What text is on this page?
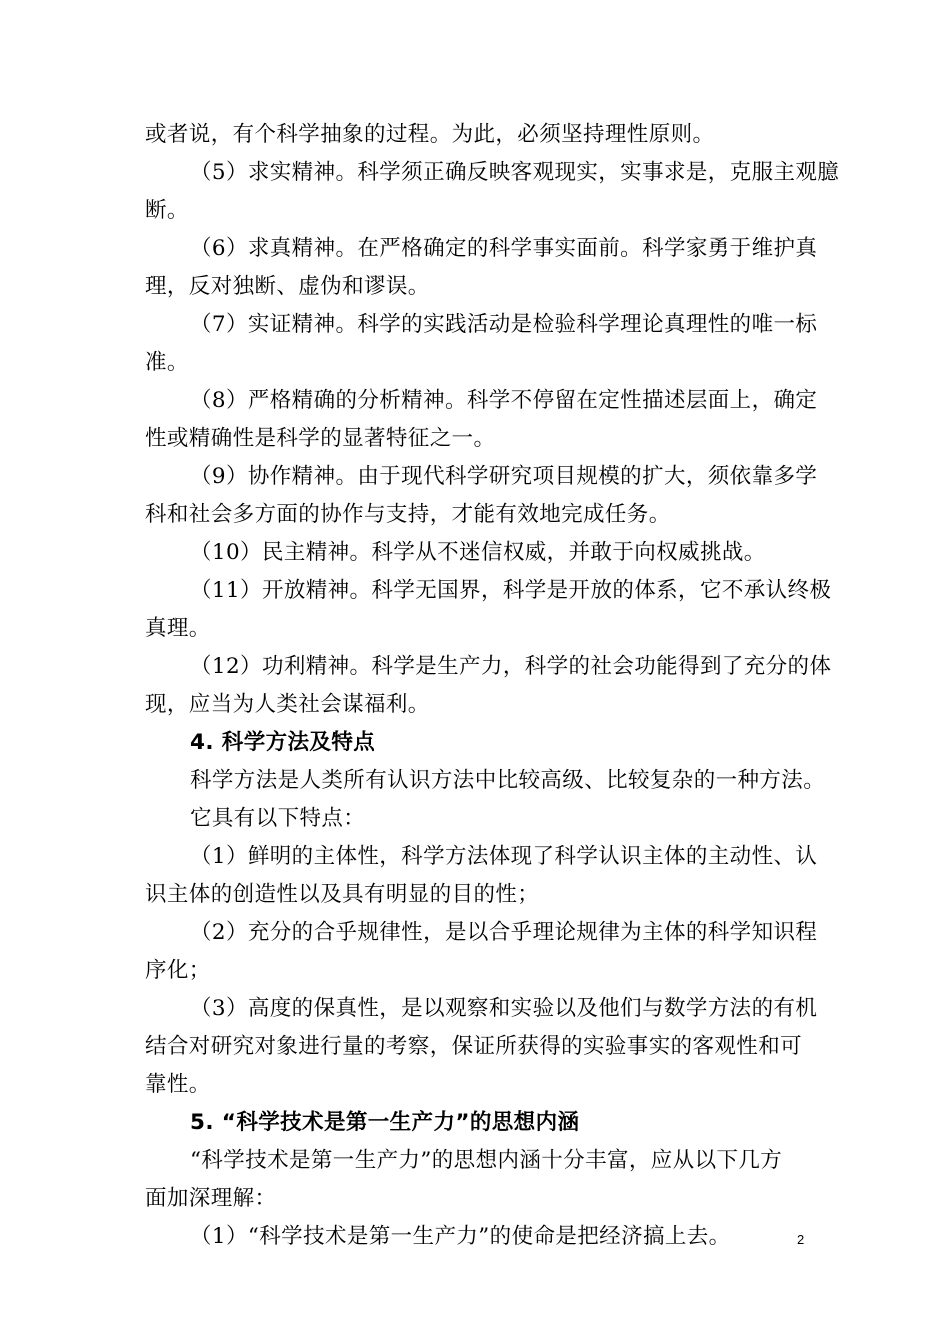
或者说，有个科学抽象的过程。为此，必须坚持理性原则。
（5）求实精神。科学须正确反映客观现实，实事求是，克服主观臆
断。
（6）求真精神。在严格确定的科学事实面前。科学家勇于维护真
理，反对独断、虚伪和谬误。
（7）实证精神。科学的实践活动是检验科学理论真理性的唯一标
准。
（8）严格精确的分析精神。科学不停留在定性描述层面上，确定
性或精确性是科学的显著特征之一。
（9）协作精神。由于现代科学研究项目规模的扩大，须依靠多学
科和社会多方面的协作与支持，才能有效地完成任务。
（10）民主精神。科学从不迷信权威，并敢于向权威挑战。
（11）开放精神。科学无国界，科学是开放的体系，它不承认终极
真理。
（12）功利精神。科学是生产力，科学的社会功能得到了充分的体
现，应当为人类社会谋福利。
4. 科学方法及特点
科学方法是人类所有认识方法中比较高级、比较复杂的一种方法。
它具有以下特点：
（1）鲜明的主体性，科学方法体现了科学认识主体的主动性、认
识主体的创造性以及具有明显的目的性；
（2）充分的合乎规律性，是以合乎理论规律为主体的科学知识程
序化；
（3）高度的保真性，是以观察和实验以及他们与数学方法的有机
结合对研究对象进行量的考察，保证所获得的实验事实的客观性和可
靠性。
5. “科学技术是第一生产力”的思想内涵
“科学技术是第一生产力”的思想内涵十分丰富，应从以下几方
面加深理解：
（1）“科学技术是第一生产力”的使命是把经济搞上去。	2
